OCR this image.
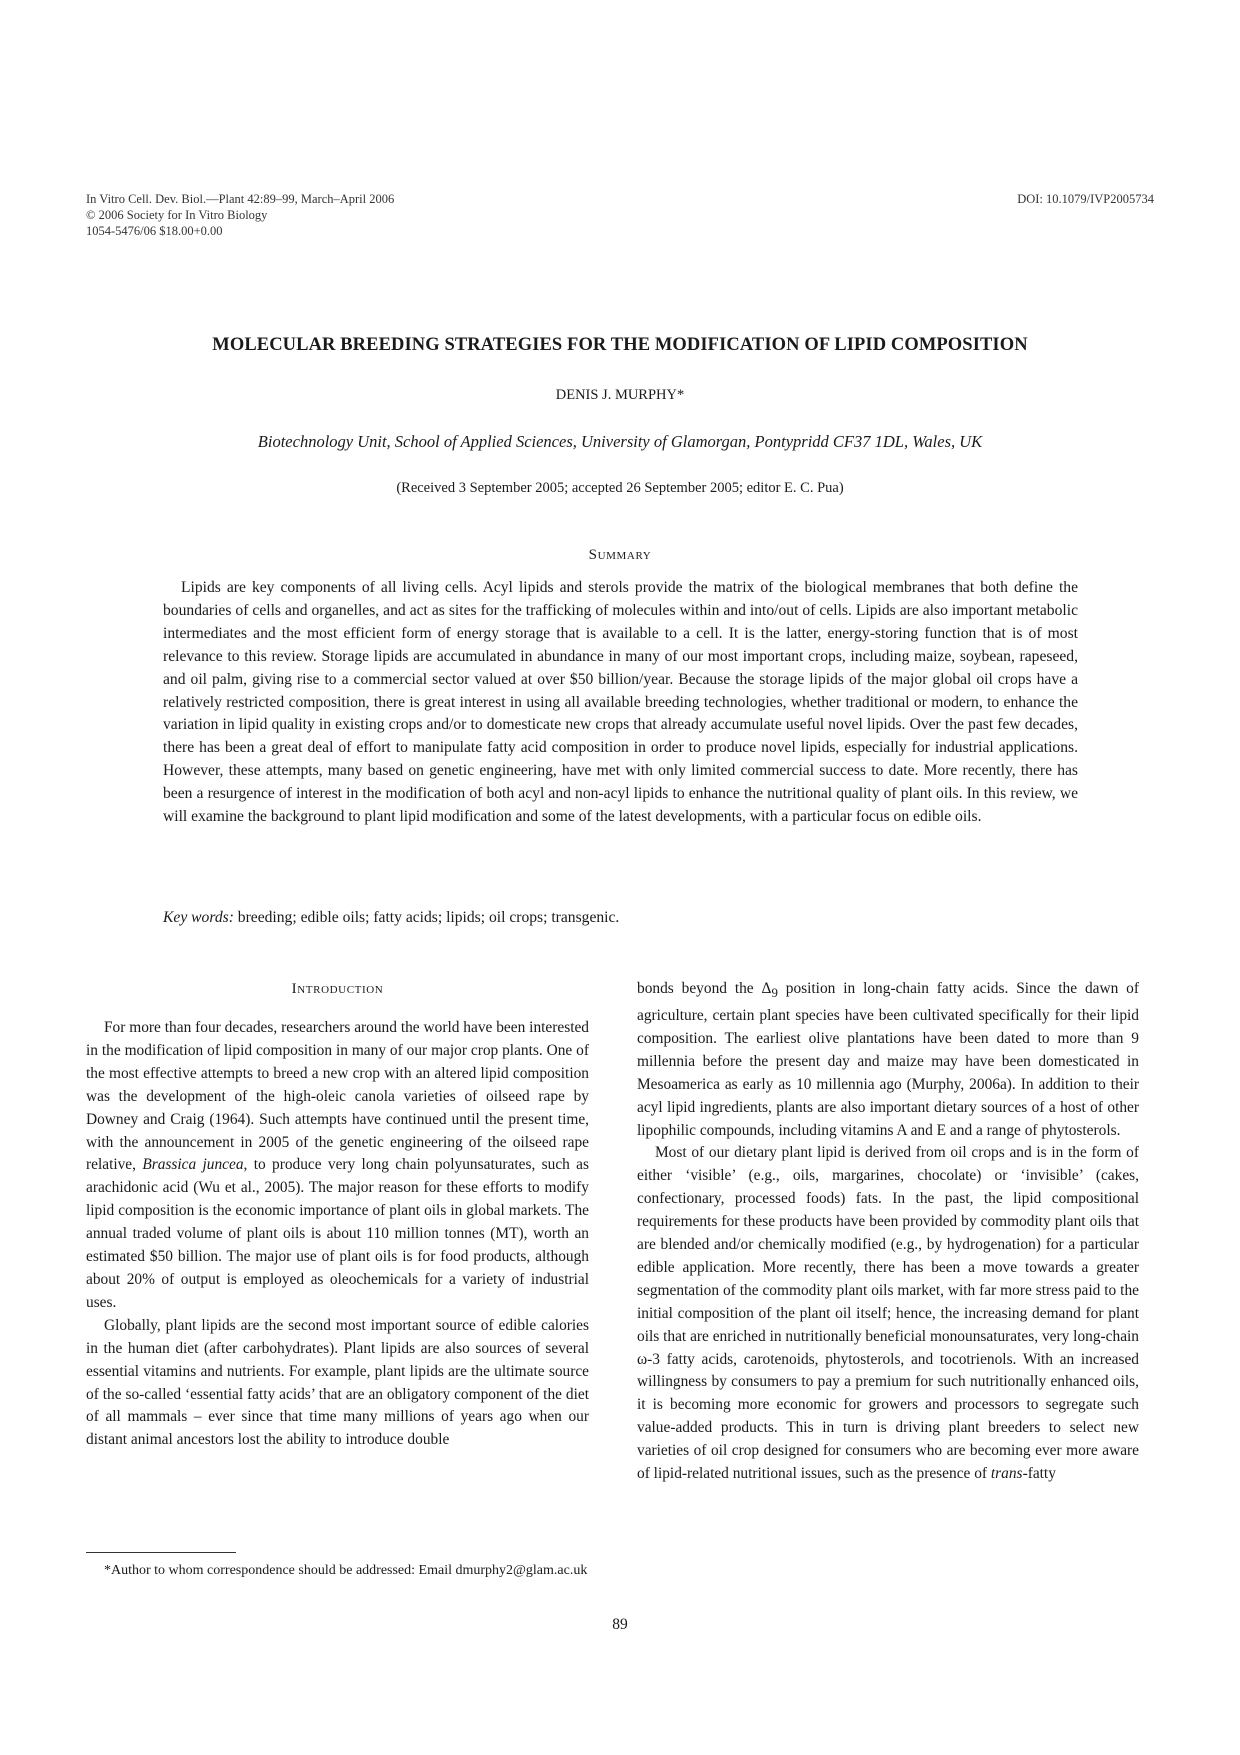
In Vitro Cell. Dev. Biol.—Plant 42:89–99, March–April 2006
© 2006 Society for In Vitro Biology
1054-5476/06 $18.00+0.00
DOI: 10.1079/IVP2005734
MOLECULAR BREEDING STRATEGIES FOR THE MODIFICATION OF LIPID COMPOSITION
DENIS J. MURPHY*
Biotechnology Unit, School of Applied Sciences, University of Glamorgan, Pontypridd CF37 1DL, Wales, UK
(Received 3 September 2005; accepted 26 September 2005; editor E. C. Pua)
Summary

Lipids are key components of all living cells. Acyl lipids and sterols provide the matrix of the biological membranes that both define the boundaries of cells and organelles, and act as sites for the trafficking of molecules within and into/out of cells. Lipids are also important metabolic intermediates and the most efficient form of energy storage that is available to a cell. It is the latter, energy-storing function that is of most relevance to this review. Storage lipids are accumulated in abundance in many of our most important crops, including maize, soybean, rapeseed, and oil palm, giving rise to a commercial sector valued at over $50 billion/year. Because the storage lipids of the major global oil crops have a relatively restricted composition, there is great interest in using all available breeding technologies, whether traditional or modern, to enhance the variation in lipid quality in existing crops and/or to domesticate new crops that already accumulate useful novel lipids. Over the past few decades, there has been a great deal of effort to manipulate fatty acid composition in order to produce novel lipids, especially for industrial applications. However, these attempts, many based on genetic engineering, have met with only limited commercial success to date. More recently, there has been a resurgence of interest in the modification of both acyl and non-acyl lipids to enhance the nutritional quality of plant oils. In this review, we will examine the background to plant lipid modification and some of the latest developments, with a particular focus on edible oils.

Key words: breeding; edible oils; fatty acids; lipids; oil crops; transgenic.

Introduction

For more than four decades, researchers around the world have been interested in the modification of lipid composition in many of our major crop plants. One of the most effective attempts to breed a new crop with an altered lipid composition was the development of the high-oleic canola varieties of oilseed rape by Downey and Craig (1964). Such attempts have continued until the present time, with the announcement in 2005 of the genetic engineering of the oilseed rape relative, Brassica juncea, to produce very long chain polyunsaturates, such as arachidonic acid (Wu et al., 2005). The major reason for these efforts to modify lipid composition is the economic importance of plant oils in global markets. The annual traded volume of plant oils is about 110 million tonnes (MT), worth an estimated $50 billion. The major use of plant oils is for food products, although about 20% of output is employed as oleochemicals for a variety of industrial uses.

Globally, plant lipids are the second most important source of edible calories in the human diet (after carbohydrates). Plant lipids are also sources of several essential vitamins and nutrients. For example, plant lipids are the ultimate source of the so-called ‘essential fatty acids’ that are an obligatory component of the diet of all mammals – ever since that time many millions of years ago when our distant animal ancestors lost the ability to introduce double

bonds beyond the $\Delta_9$ position in long-chain fatty acids. Since the dawn of agriculture, certain plant species have been cultivated specifically for their lipid composition. The earliest olive plantations have been dated to more than 9 millennia before the present day and maize may have been domesticated in Mesoamerica as early as 10 millennia ago (Murphy, 2006a). In addition to their acyl lipid ingredients, plants are also important dietary sources of a host of other lipophilic compounds, including vitamins A and E and a range of phytosterols.

Most of our dietary plant lipid is derived from oil crops and is in the form of either ‘visible’ (e.g., oils, margarines, chocolate) or ‘invisible’ (cakes, confectionary, processed foods) fats. In the past, the lipid compositional requirements for these products have been provided by commodity plant oils that are blended and/or chemically modified (e.g., by hydrogenation) for a particular edible application. More recently, there has been a move towards a greater segmentation of the commodity plant oils market, with far more stress paid to the initial composition of the plant oil itself; hence, the increasing demand for plant oils that are enriched in nutritionally beneficial monounsaturates, very long-chain ω-3 fatty acids, carotenoids, phytosterols, and tocotrienols. With an increased willingness by consumers to pay a premium for such nutritionally enhanced oils, it is becoming more economic for growers and processors to segregate such value-added products. This in turn is driving plant breeders to select new varieties of oil crop designed for consumers who are becoming ever more aware of lipid-related nutritional issues, such as the presence of trans-fatty

*Author to whom correspondence should be addressed: Email dmurphy2@glam.ac.uk

89
